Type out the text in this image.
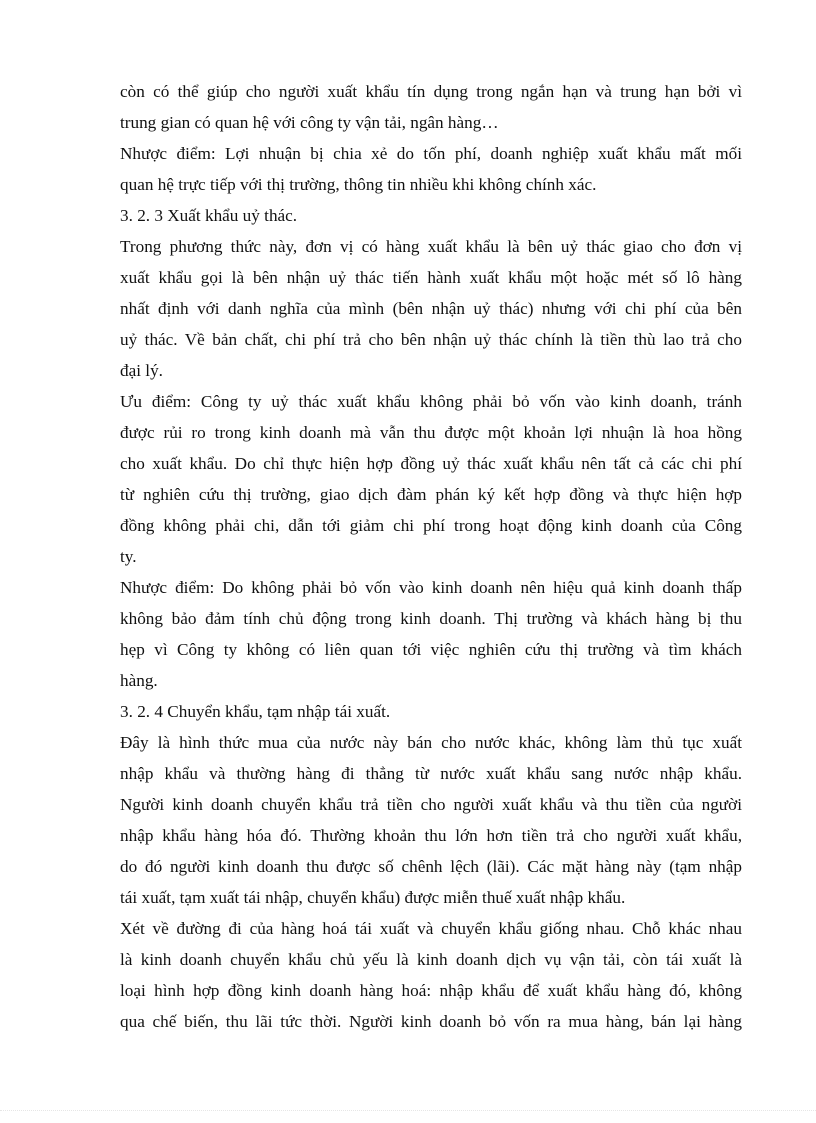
còn có thể giúp cho người xuất khẩu tín dụng trong ngắn hạn và trung hạn bởi vì
trung gian có quan hệ với công ty vận tải, ngân hàng…
Nhược điểm: Lợi nhuận bị chia xẻ do tốn phí, doanh nghiệp xuất khẩu mất mối
quan hệ trực tiếp với thị trường, thông tin nhiều khi không chính xác.
3. 2. 3 Xuất khẩu uỷ thác.
Trong phương thức này, đơn vị có hàng xuất khẩu là bên uỷ thác giao cho đơn vị
xuất khẩu gọi là bên nhận uỷ thác tiến hành xuất khẩu một hoặc mét số lô hàng
nhất định với danh nghĩa của mình (bên nhận uỷ thác) nhưng với chi phí của bên
uỷ thác. Về bản chất, chi phí trả cho bên nhận uỷ thác chính là tiền thù lao trả cho
đại lý.
Ưu điểm: Công ty uỷ thác xuất khẩu không phải bỏ vốn vào kinh doanh, tránh
được rủi ro trong kinh doanh mà vẫn thu được một khoản lợi nhuận là hoa hồng
cho xuất khẩu. Do chỉ thực hiện hợp đồng uỷ thác xuất khẩu nên tất cả các chi phí
từ nghiên cứu thị trường, giao dịch đàm phán ký kết hợp đồng và thực hiện hợp
đồng không phải chi, dẫn tới giảm chi phí trong hoạt động kinh doanh của Công
ty.
Nhược điểm: Do không phải bỏ vốn vào kinh doanh nên hiệu quả kinh doanh thấp
không bảo đảm tính chủ động trong kinh doanh. Thị trường và khách hàng bị thu
hẹp vì Công ty không có liên quan tới việc nghiên cứu thị trường và tìm khách
hàng.
3. 2. 4 Chuyển khẩu, tạm nhập tái xuất.
Đây là hình thức mua của nước này bán cho nước khác, không làm thủ tục xuất
nhập khẩu và thường hàng đi thẳng từ nước xuất khẩu sang nước nhập khẩu.
Người kinh doanh chuyển khẩu trả tiền cho người xuất khẩu và thu tiền của người
nhập khẩu hàng hóa đó. Thường khoản thu lớn hơn tiền trả cho người xuất khẩu,
do đó người kinh doanh thu được số chênh lệch (lãi). Các mặt hàng này (tạm nhập
tái xuất, tạm xuất tái nhập, chuyển khẩu) được miễn thuế xuất nhập khẩu.
Xét về đường đi của hàng hoá tái xuất và chuyển khẩu giống nhau. Chỗ khác nhau
là kinh doanh chuyển khẩu chủ yếu là kinh doanh dịch vụ vận tải, còn tái xuất là
loại hình hợp đồng kinh doanh hàng hoá: nhập khẩu để xuất khẩu hàng đó, không
qua chế biến, thu lãi tức thời. Người kinh doanh bỏ vốn ra mua hàng, bán lại hàng
